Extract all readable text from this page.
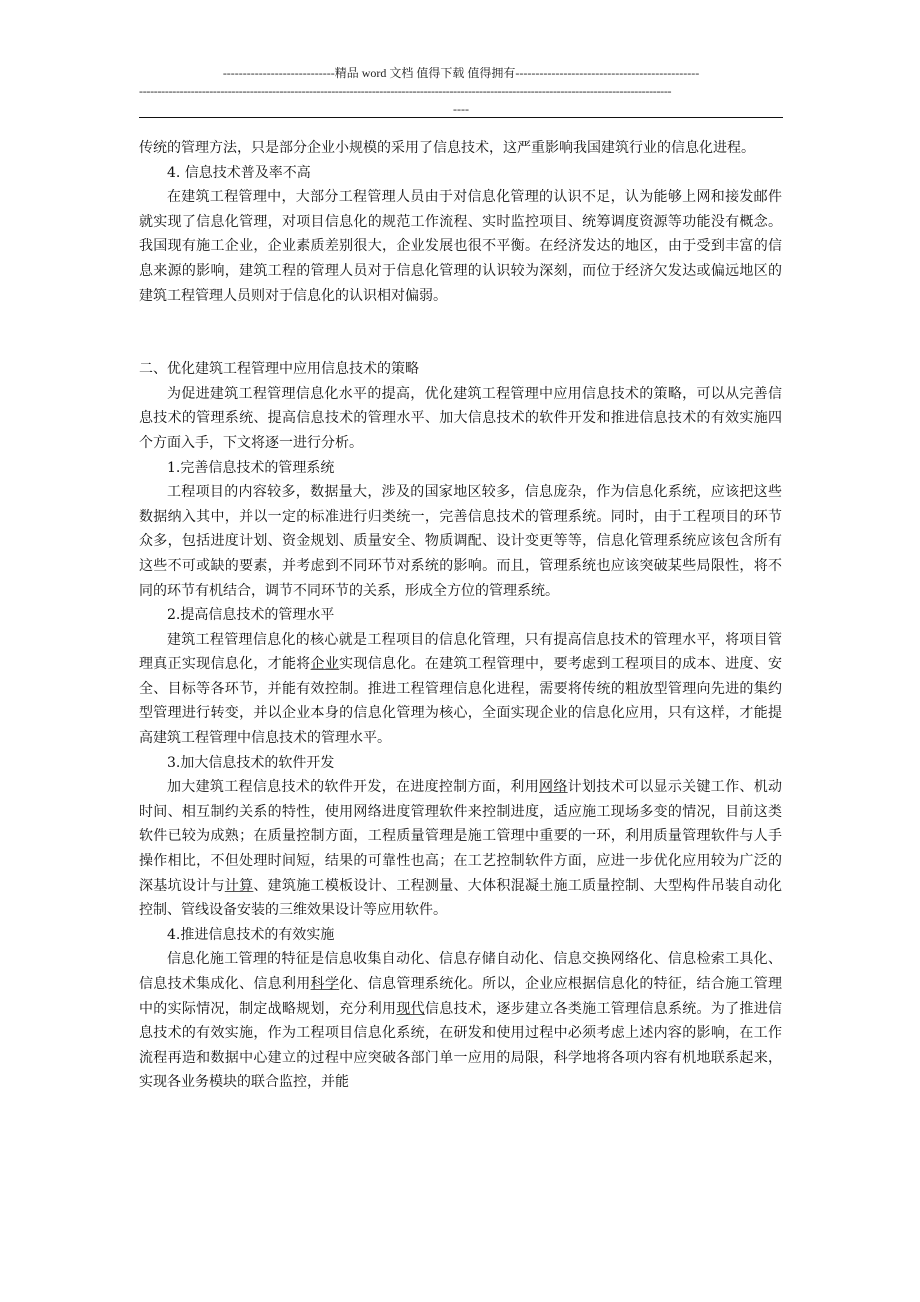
----------------------------精品 word 文档 值得下载 值得拥有----------------------------------------------
------------------------------------------------------------------------------------------------------------------------------------------------
----

传统的管理方法，只是部分企业小规模的采用了信息技术，这严重影响我国建筑行业的信息化进程。

4. 信息技术普及率不高

在建筑工程管理中，大部分工程管理人员由于对信息化管理的认识不足，认为能够上网和接发邮件就实现了信息化管理，对项目信息化的规范工作流程、实时监控项目、统筹调度资源等功能没有概念。我国现有施工企业，企业素质差别很大，企业发展也很不平衡。在经济发达的地区，由于受到丰富的信息来源的影响，建筑工程的管理人员对于信息化管理的认识较为深刻，而位于经济欠发达或偏远地区的建筑工程管理人员则对于信息化的认识相对偏弱。

二、优化建筑工程管理中应用信息技术的策略

为促进建筑工程管理信息化水平的提高，优化建筑工程管理中应用信息技术的策略，可以从完善信息技术的管理系统、提高信息技术的管理水平、加大信息技术的软件开发和推进信息技术的有效实施四个方面入手，下文将逐一进行分析。

1.完善信息技术的管理系统

工程项目的内容较多，数据量大，涉及的国家地区较多，信息庞杂，作为信息化系统，应该把这些数据纳入其中，并以一定的标准进行归类统一，完善信息技术的管理系统。同时，由于工程项目的环节众多，包括进度计划、资金规划、质量安全、物质调配、设计变更等等，信息化管理系统应该包含所有这些不可或缺的要素，并考虑到不同环节对系统的影响。而且，管理系统也应该突破某些局限性，将不同的环节有机结合，调节不同环节的关系，形成全方位的管理系统。

2.提高信息技术的管理水平

建筑工程管理信息化的核心就是工程项目的信息化管理，只有提高信息技术的管理水平，将项目管理真正实现信息化，才能将企业实现信息化。在建筑工程管理中，要考虑到工程项目的成本、进度、安全、目标等各环节，并能有效控制。推进工程管理信息化进程，需要将传统的粗放型管理向先进的集约型管理进行转变，并以企业本身的信息化管理为核心，全面实现企业的信息化应用，只有这样，才能提高建筑工程管理中信息技术的管理水平。

3.加大信息技术的软件开发

加大建筑工程信息技术的软件开发，在进度控制方面，利用网络计划技术可以显示关键工作、机动时间、相互制约关系的特性，使用网络进度管理软件来控制进度，适应施工现场多变的情况，目前这类软件已较为成熟；在质量控制方面，工程质量管理是施工管理中重要的一环，利用质量管理软件与人手操作相比，不但处理时间短，结果的可靠性也高；在工艺控制软件方面，应进一步优化应用较为广泛的深基坑设计与计算、建筑施工模板设计、工程测量、大体积混凝土施工质量控制、大型构件吊装自动化控制、管线设备安装的三维效果设计等应用软件。

4.推进信息技术的有效实施

信息化施工管理的特征是信息收集自动化、信息存储自动化、信息交换网络化、信息检索工具化、信息技术集成化、信息利用科学化、信息管理系统化。所以，企业应根据信息化的特征，结合施工管理中的实际情况，制定战略规划，充分利用现代信息技术，逐步建立各类施工管理信息系统。为了推进信息技术的有效实施，作为工程项目信息化系统，在研发和使用过程中必须考虑上述内容的影响，在工作流程再造和数据中心建立的过程中应突破各部门单一应用的局限，科学地将各项内容有机地联系起来，实现各业务模块的联合监控，并能
